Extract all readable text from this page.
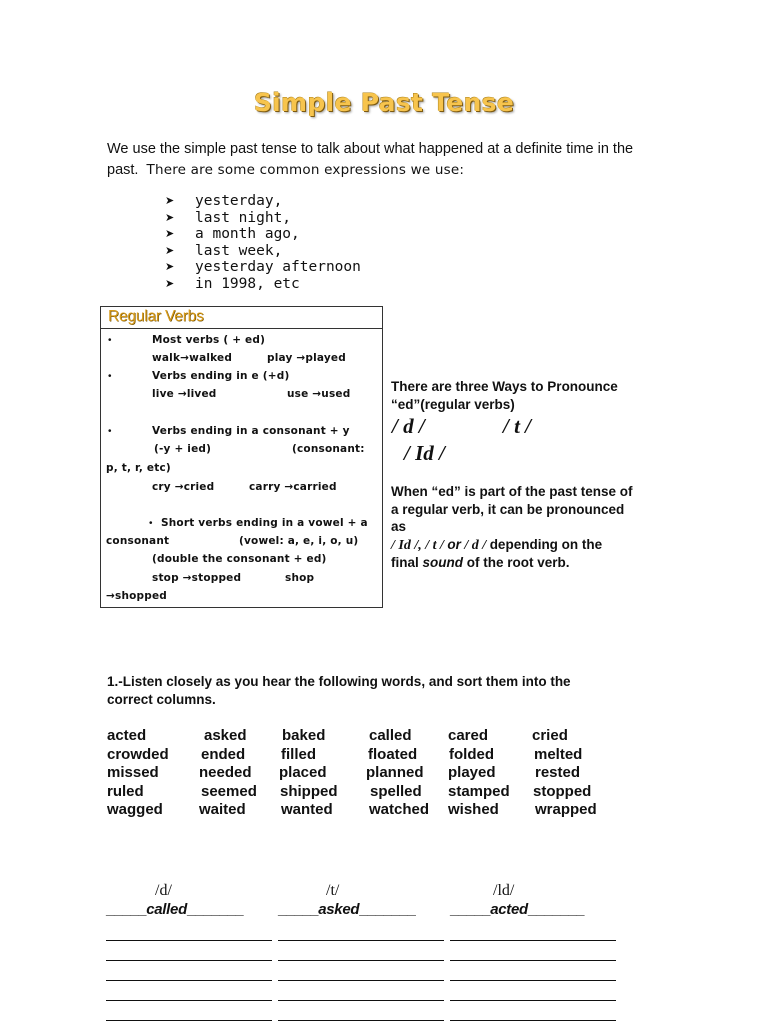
Simple Past Tense
We use the simple past tense to talk about what happened at a definite time in the
past. There are some common expressions we use:
➤	yesterday,
➤	last night,
➤	a month ago,
➤	last week,
➤	yesterday afternoon
➤	in 1998, etc
Regular Verbs
•	Most verbs ( + ed)
walk→walked	play →played
•	Verbs ending in e (+d)
live →lived	use →used
•	Verbs ending in a consonant + y
(-y + ied)	(consonant:
p, t, r, etc)
cry →cried	carry →carried
• Short verbs ending in a vowel + a
consonant	(vowel: a, e, i, o, u)
(double the consonant + ed)
stop →stopped	shop
→shopped
There are three Ways to Pronounce
“ed”(regular verbs)
/ d /	/ t /
/ Id /
When “ed” is part of the past tense of
a regular verb, it can be pronounced
as
/ Id /, / t / or / d / depending on the
final sound of the root verb.
1.-Listen closely as you hear the following words, and sort them into the
correct columns.
acted	asked baked	called cared	cried
crowded ended filled	floated folded	melted
missed	needed placed	planned played	rested
ruled	seemed shipped spelled stamped stopped
wagged waited wanted watched wished wrapped
/d/	/t/	/ld/
_____called_______ _____asked_______ _____acted_______
